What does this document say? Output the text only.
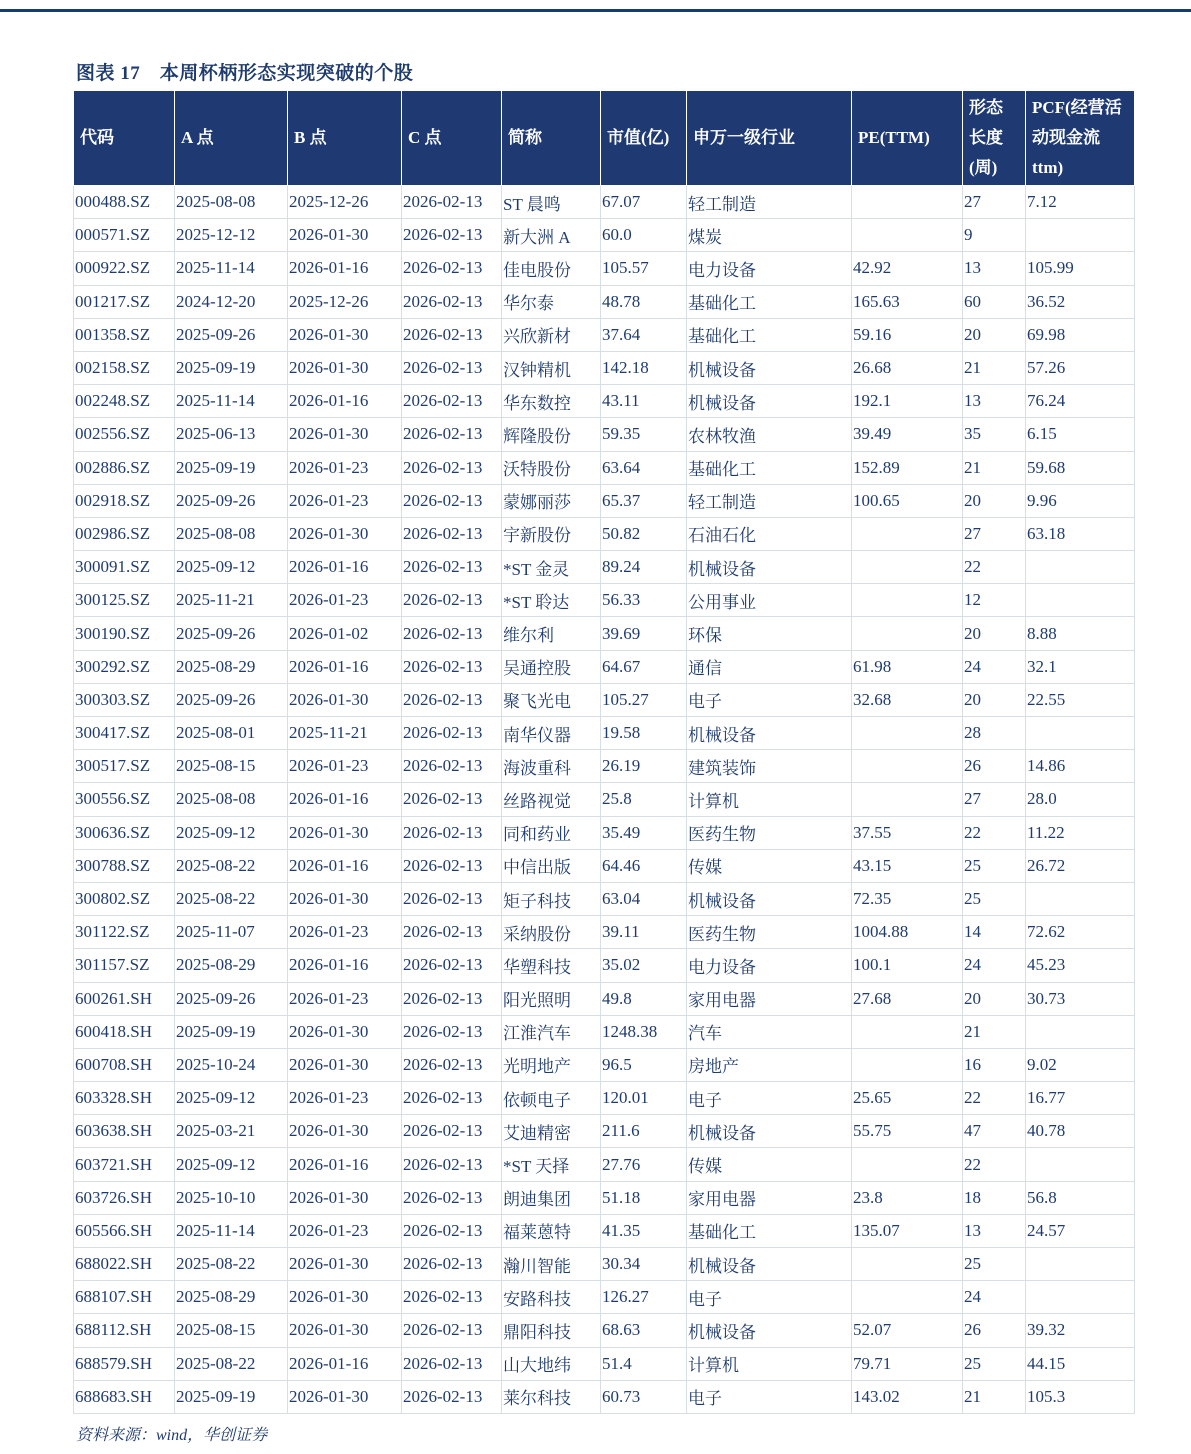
图表 17　本周杯柄形态实现突破的个股
代码	A 点	B 点	C 点	简称	市值(亿)	申万一级行业	PE(TTM)	形态长度(周)	PCF(经营活动现金流ttm)
000488.SZ	2025-08-08	2025-12-26	2026-02-13	ST 晨鸣	67.07	轻工制造		27	7.12
000571.SZ	2025-12-12	2026-01-30	2026-02-13	新大洲 A	60.0	煤炭		9	
000922.SZ	2025-11-14	2026-01-16	2026-02-13	佳电股份	105.57	电力设备	42.92	13	105.99
001217.SZ	2024-12-20	2025-12-26	2026-02-13	华尔泰	48.78	基础化工	165.63	60	36.52
001358.SZ	2025-09-26	2026-01-30	2026-02-13	兴欣新材	37.64	基础化工	59.16	20	69.98
002158.SZ	2025-09-19	2026-01-30	2026-02-13	汉钟精机	142.18	机械设备	26.68	21	57.26
002248.SZ	2025-11-14	2026-01-16	2026-02-13	华东数控	43.11	机械设备	192.1	13	76.24
002556.SZ	2025-06-13	2026-01-30	2026-02-13	辉隆股份	59.35	农林牧渔	39.49	35	6.15
002886.SZ	2025-09-19	2026-01-23	2026-02-13	沃特股份	63.64	基础化工	152.89	21	59.68
002918.SZ	2025-09-26	2026-01-23	2026-02-13	蒙娜丽莎	65.37	轻工制造	100.65	20	9.96
002986.SZ	2025-08-08	2026-01-30	2026-02-13	宇新股份	50.82	石油石化		27	63.18
300091.SZ	2025-09-12	2026-01-16	2026-02-13	*ST 金灵	89.24	机械设备		22	
300125.SZ	2025-11-21	2026-01-23	2026-02-13	*ST 聆达	56.33	公用事业		12	
300190.SZ	2025-09-26	2026-01-02	2026-02-13	维尔利	39.69	环保		20	8.88
300292.SZ	2025-08-29	2026-01-16	2026-02-13	吴通控股	64.67	通信	61.98	24	32.1
300303.SZ	2025-09-26	2026-01-30	2026-02-13	聚飞光电	105.27	电子	32.68	20	22.55
300417.SZ	2025-08-01	2025-11-21	2026-02-13	南华仪器	19.58	机械设备		28	
300517.SZ	2025-08-15	2026-01-23	2026-02-13	海波重科	26.19	建筑装饰		26	14.86
300556.SZ	2025-08-08	2026-01-16	2026-02-13	丝路视觉	25.8	计算机		27	28.0
300636.SZ	2025-09-12	2026-01-30	2026-02-13	同和药业	35.49	医药生物	37.55	22	11.22
300788.SZ	2025-08-22	2026-01-16	2026-02-13	中信出版	64.46	传媒	43.15	25	26.72
300802.SZ	2025-08-22	2026-01-30	2026-02-13	矩子科技	63.04	机械设备	72.35	25	
301122.SZ	2025-11-07	2026-01-23	2026-02-13	采纳股份	39.11	医药生物	1004.88	14	72.62
301157.SZ	2025-08-29	2026-01-16	2026-02-13	华塑科技	35.02	电力设备	100.1	24	45.23
600261.SH	2025-09-26	2026-01-23	2026-02-13	阳光照明	49.8	家用电器	27.68	20	30.73
600418.SH	2025-09-19	2026-01-30	2026-02-13	江淮汽车	1248.38	汽车		21	
600708.SH	2025-10-24	2026-01-30	2026-02-13	光明地产	96.5	房地产		16	9.02
603328.SH	2025-09-12	2026-01-23	2026-02-13	依顿电子	120.01	电子	25.65	22	16.77
603638.SH	2025-03-21	2026-01-30	2026-02-13	艾迪精密	211.6	机械设备	55.75	47	40.78
603721.SH	2025-09-12	2026-01-16	2026-02-13	*ST 天择	27.76	传媒		22	
603726.SH	2025-10-10	2026-01-30	2026-02-13	朗迪集团	51.18	家用电器	23.8	18	56.8
605566.SH	2025-11-14	2026-01-23	2026-02-13	福莱蒽特	41.35	基础化工	135.07	13	24.57
688022.SH	2025-08-22	2026-01-30	2026-02-13	瀚川智能	30.34	机械设备		25	
688107.SH	2025-08-29	2026-01-30	2026-02-13	安路科技	126.27	电子		24	
688112.SH	2025-08-15	2026-01-30	2026-02-13	鼎阳科技	68.63	机械设备	52.07	26	39.32
688579.SH	2025-08-22	2026-01-16	2026-02-13	山大地纬	51.4	计算机	79.71	25	44.15
688683.SH	2025-09-19	2026-01-30	2026-02-13	莱尔科技	60.73	电子	143.02	21	105.3
资料来源：wind，华创证券
